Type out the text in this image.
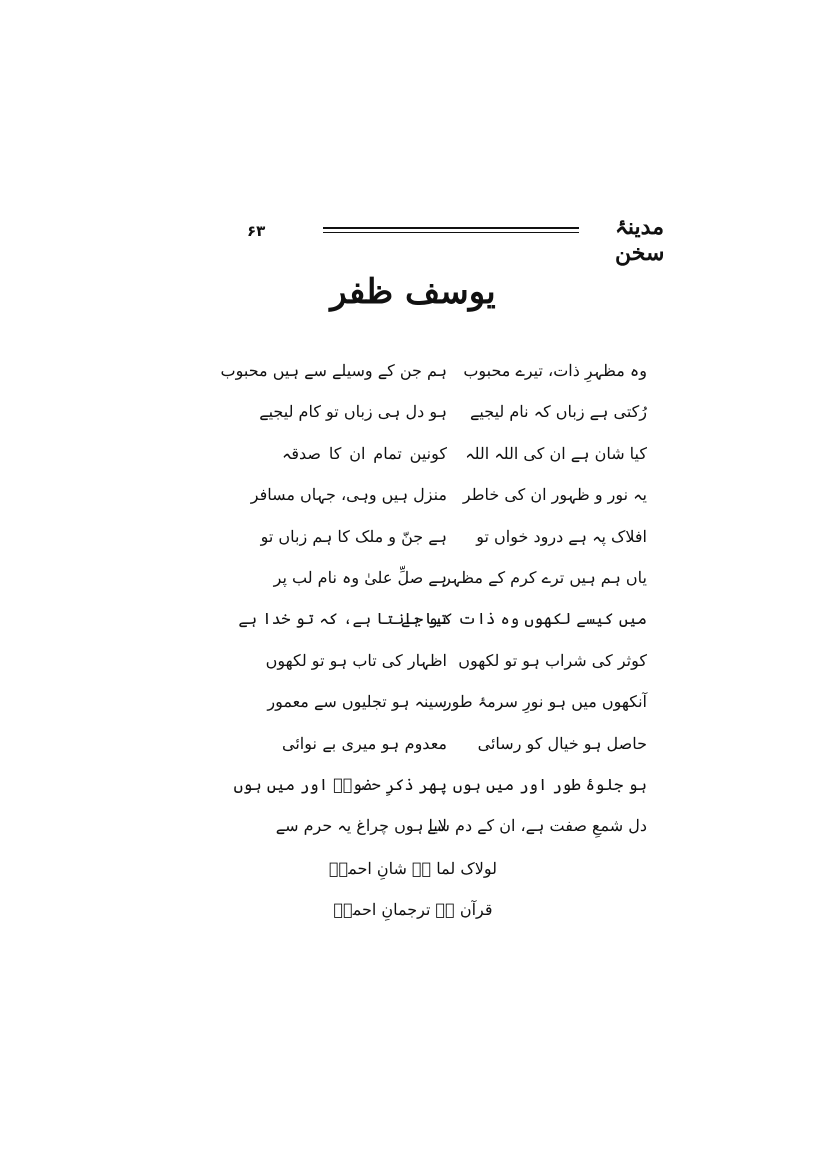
۶۳	مدینۂ سخن
یوسف ظفر
وہ مظہرِ ذات، تیرے محبوب
ہم جن کے وسیلے سے ہیں محبوب
رُکتی ہے زباں کہ نام لیجیے
ہو دل ہی زباں تو کام لیجیے
کیا شان ہے ان کی اللہ اللہ
کونین تمام ان کا صدقہ
یہ نور و ظہور ان کی خاطر
منزل ہیں وہی، جہاں مسافر
افلاک پہ ہے درود خواں تو
ہے جنّ و ملک کا ہم زباں تو
یاں ہم ہیں ترے کرم کے مظہر
ہے صلِّ علیٰ وہ نام لب پر
میں کیسے لکھوں وہ ذات کیا ہے
تو جانتا ہے، کہ تو خدا ہے
کوثر کی شراب ہو تو لکھوں
اظہار کی تاب ہو تو لکھوں
آنکھوں میں ہو نورِ سرمۂ طور
سینہ ہو تجلیوں سے معمور
حاصل ہو خیال کو رسائی
معدوم ہو میری بے نوائی
ہو جلوۂ طور اور میں ہوں
پھر ذکرِ حضورؐ اور میں ہوں
دل شمعِ صفت ہے، ان کے دم سے
لایا ہوں چراغ یہ حرم سے
لولاک لما ہے شانِ احمدؐ
قرآن ہے ترجمانِ احمدؐ
